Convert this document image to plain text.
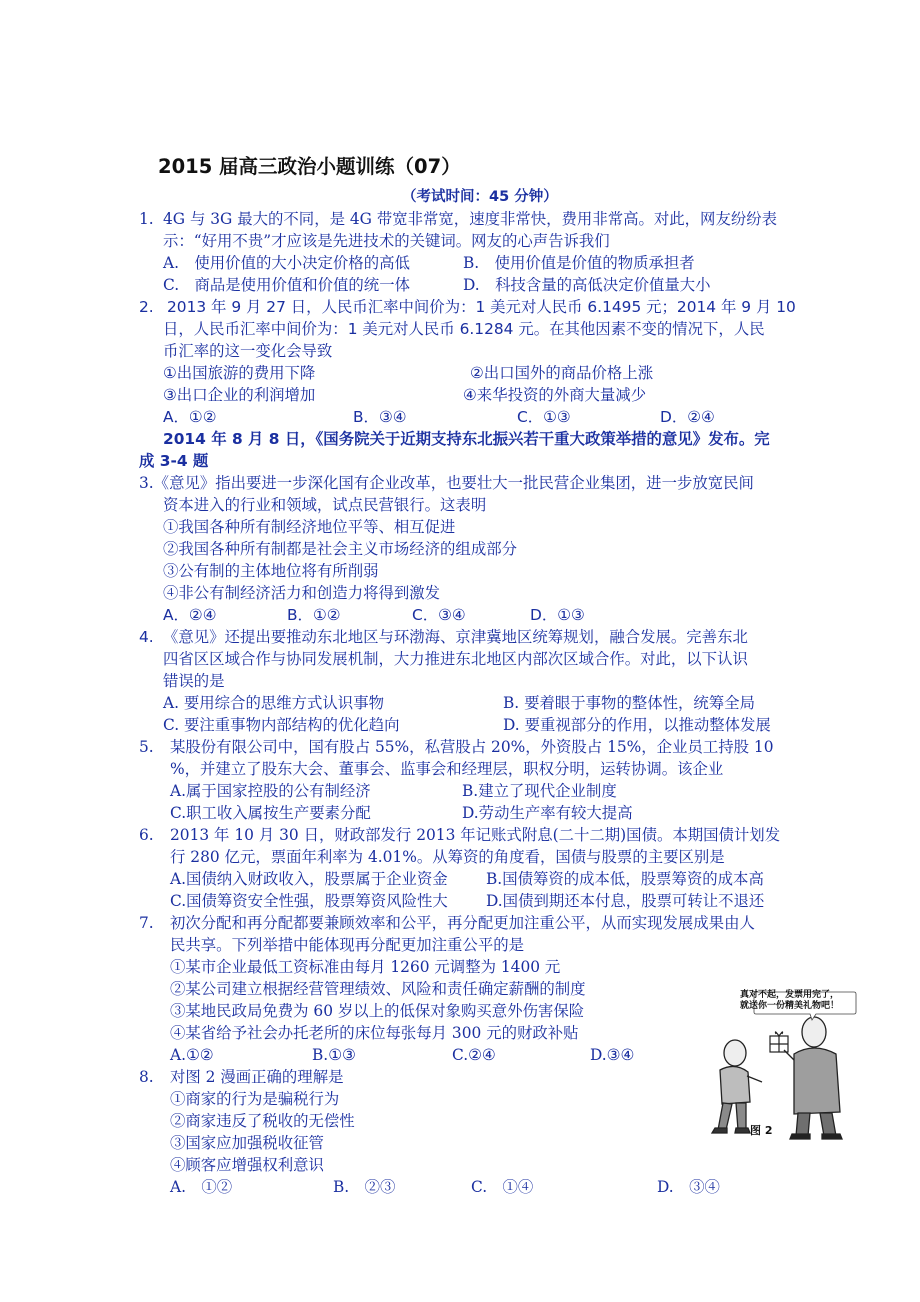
2015 届高三政治小题训练（07）
（考试时间：45 分钟）
1. 4G 与 3G 最大的不同，是 4G 带宽非常宽，速度非常快，费用非常高。对此，网友纷纷表
示：“好用不贵”才应该是先进技术的关键词。网友的心声告诉我们
A.　使用价值的大小决定价格的高低	B.　使用价值是价值的物质承担者
C.　商品是使用价值和价值的统一体	D.　科技含量的高低决定价值量大小
2. 2013 年 9 月 27 日，人民币汇率中间价为：1 美元对人民币 6.1495 元；2014 年 9 月 10
日，人民币汇率中间价为：1 美元对人民币 6.1284 元。在其他因素不变的情况下，人民
币汇率的这一变化会导致
①出国旅游的费用下降	②出口国外的商品价格上涨
③出口企业的利润增加	④来华投资的外商大量减少
A．①②	B．③④	C．①③	D．②④
2014 年 8 月 8 日，《国务院关于近期支持东北振兴若干重大政策举措的意见》发布。完
成 3-4 题
3.《意见》指出要进一步深化国有企业改革，也要壮大一批民营企业集团，进一步放宽民间
资本进入的行业和领域，试点民营银行。这表明
①我国各种所有制经济地位平等、相互促进
②我国各种所有制都是社会主义市场经济的组成部分
③公有制的主体地位将有所削弱
④非公有制经济活力和创造力将得到激发
A．②④	B．①②	C．③④	D．①③
4. 《意见》还提出要推动东北地区与环渤海、京津冀地区统筹规划，融合发展。完善东北
四省区区域合作与协同发展机制，大力推进东北地区内部次区域合作。对此，以下认识
错误的是
A. 要用综合的思维方式认识事物	B. 要着眼于事物的整体性，统筹全局
C. 要注重事物内部结构的优化趋向	D. 要重视部分的作用，以推动整体发展
5. 某股份有限公司中，国有股占 55%，私营股占 20%，外资股占 15%，企业员工持股 10
%，并建立了股东大会、董事会、监事会和经理层，职权分明，运转协调。该企业
A.属于国家控股的公有制经济	B.建立了现代企业制度
C.职工收入属按生产要素分配	D.劳动生产率有较大提高
6. 2013 年 10 月 30 日，财政部发行 2013 年记账式附息(二十二期)国债。本期国债计划发
行 280 亿元，票面年利率为 4.01%。从筹资的角度看，国债与股票的主要区别是
A.国债纳入财政收入，股票属于企业资金 B.国债筹资的成本低，股票筹资的成本高
C.国债筹资安全性强，股票筹资风险性大 D.国债到期还本付息，股票可转让不退还
7. 初次分配和再分配都要兼顾效率和公平，再分配更加注重公平，从而实现发展成果由人
民共享。下列举措中能体现再分配更加注重公平的是
①某市企业最低工资标准由每月 1260 元调整为 1400 元
②某公司建立根据经营管理绩效、风险和责任确定薪酬的制度
③某地民政局免费为 60 岁以上的低保对象购买意外伤害保险
④某省给予社会办托老所的床位每张每月 300 元的财政补贴
A.①②	B.①③	C.②④	D.③④
8. 对图 2 漫画正确的理解是
①商家的行为是骗税行为
②商家违反了税收的无偿性
③国家应加强税收征管
④顾客应增强权利意识
A.　①②	B.　②③	C.　①④	D.　③④
真对不起，发票用完了，
就送你一份精美礼物吧！
图 2
